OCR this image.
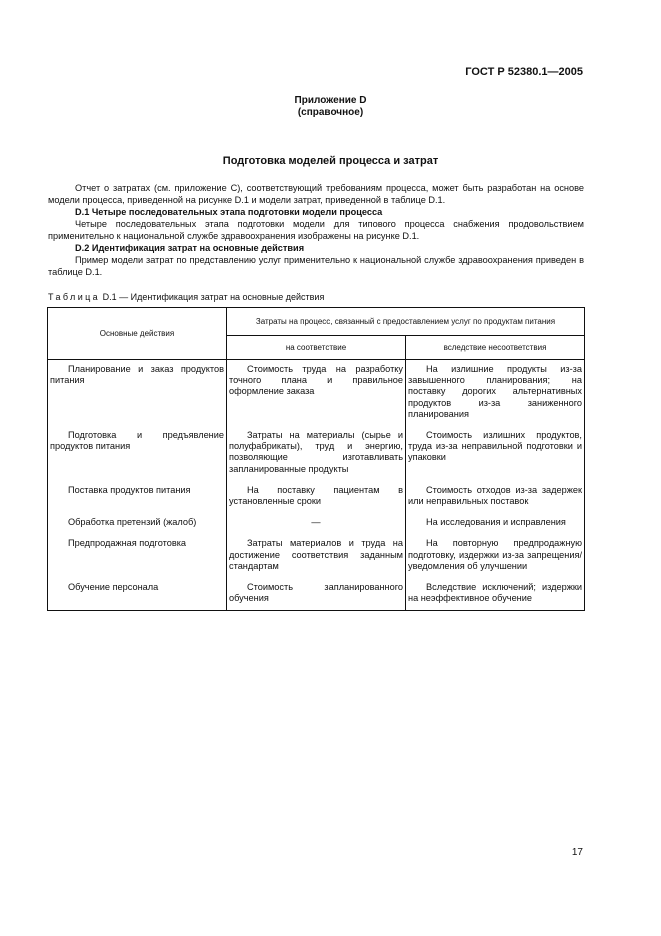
ГОСТ Р 52380.1—2005
Приложение D
(справочное)
Подготовка моделей процесса и затрат

Отчет о затратах (см. приложение С), соответствующий требованиям процесса, может быть разработан на основе модели процесса, приведенной на рисунке D.1 и модели затрат, приведенной в таблице D.1.

D.1 Четыре последовательных этапа подготовки модели процесса

Четыре последовательных этапа подготовки модели для типового процесса снабжения продовольствием применительно к национальной службе здравоохранения изображены на рисунке D.1.

D.2 Идентификация затрат на основные действия

Пример модели затрат по представлению услуг применительно к национальной службе здравоохранения приведен в таблице D.1.

Таблица D.1 — Идентификация затрат на основные действия
Основные действия	Затраты на процесс, связанный с предоставлением услуг по продуктам питания	
	на соответствие	вследствие несоответствия

Планирование и заказ продуктов питания	Стоимость труда на разработку точного плана и правильное оформление заказа	На излишние продукты из-за завышенного планирования; на поставку дорогих альтернативных продуктов из-за заниженного планирования

Подготовка и предъявление продуктов питания	Затраты на материалы (сырье и полуфабрикаты), труд и энергию, позволяющие изготавливать запланированные продукты	Стоимость излишних продуктов, труда из-за неправильной подготовки и упаковки

Поставка продуктов питания	На поставку пациентам в установленные сроки	Стоимость отходов из-за задержек или неправильных поставок

Обработка претензий (жалоб)	—	На исследования и исправления

Предпродажная подготовка	Затраты материалов и труда на достижение соответствия заданным стандартам	На повторную предпродажную подготовку, издержки из-за запрещения/уведомления об улучшении

Обучение персонала	Стоимость запланированного обучения	Вследствие исключений; издержки на неэффективное обучение
17
